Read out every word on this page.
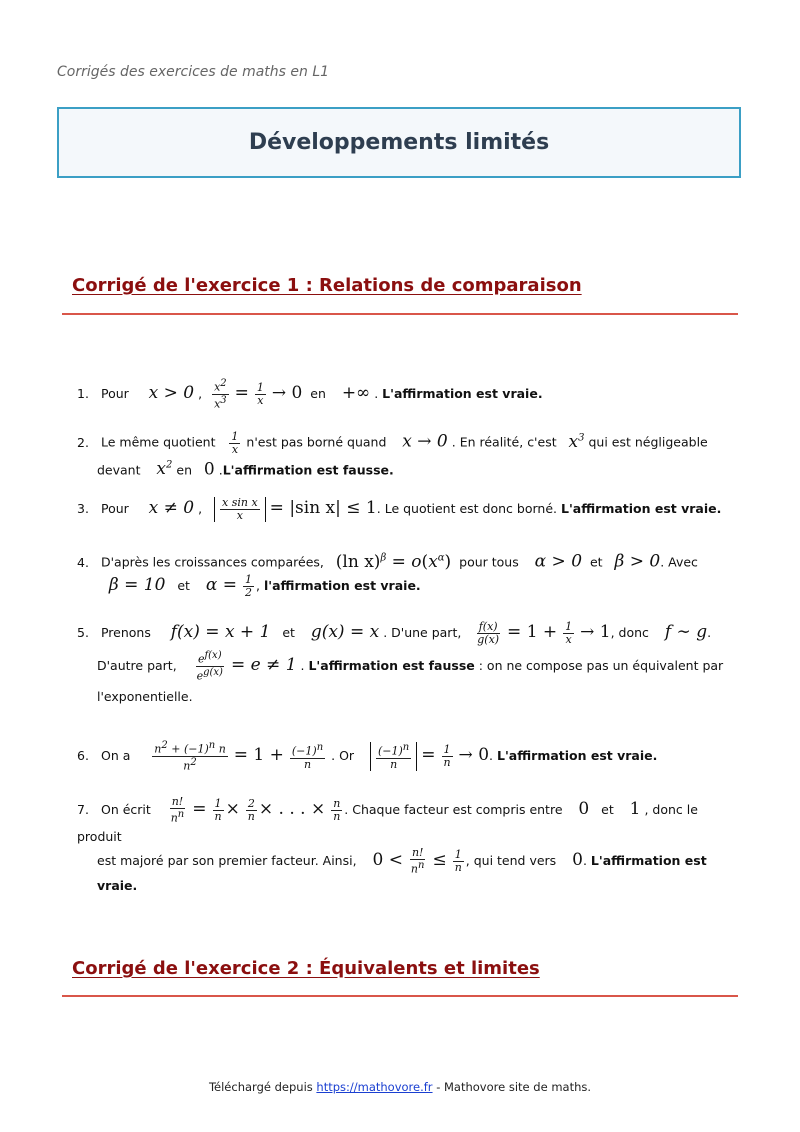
Corrigés des exercices de maths en L1
Développements limités
Corrigé de l'exercice 1 : Relations de comparaison
1. Pour x > 0 , $\frac{x^2}{x^3} = \frac{1}{x} \to 0$ en +∞ . L'affirmation est vraie.
2. Le même quotient $\frac{1}{x} n'est$ pas borné quand x → 0 . En réalité, c'est $x^3$ qui est négligeable
devant $x^2$ en 0 .L'affirmation est fausse.
3. Pour x ≠ 0 , $\frac{\text{x sin x}}{x} = |\sin$ x| ≤ 1. Le quotient est donc borné. L'affirmation est vraie.
4. D'après les croissances comparées, (ln $x)^\beta = o(x^\alpha)$ pour tous α > 0 et β > 0. Avec
β = 10 et $\alpha = \frac{1}{2}$ , l'affirmation est vraie.
5. Prenons f(x) = x + 1 et g(x) = x . D'une part, $\frac{f(x)}{g(x)} = 1 + \frac{1}{x} \to 1$, donc f ∼ g.
D'autre part, $\frac{e^{f(x)}}{e^{g(x)}} = e \ne 1$ . L'affirmation est fausse : on ne compose pas un équivalent par
l'exponentielle.
6. On a $\frac{n^2 + (-1)^n n}{n^2} = 1 + \frac{(-1)^n}{n}$ . Or $\frac{(-1)^n}{n} = \frac{1}{n} \to 0$. L'affirmation est vraie.
7. On écrit $\frac{n!}{n^n} = \frac{1}{n} \times \frac{2}{n}$ × . . . × $\frac{n}{n}$ . Chaque facteur est compris entre 0 et 1 , donc le produit
est majoré par son premier facteur. Ainsi, $0 < \frac{n!}{n^n} \le \frac{1}{n}$ , qui tend vers 0. L'affirmation est
vraie.
Corrigé de l'exercice 2 : Équivalents et limites
Téléchargé depuis https://mathovore.fr - Mathovore site de maths.
